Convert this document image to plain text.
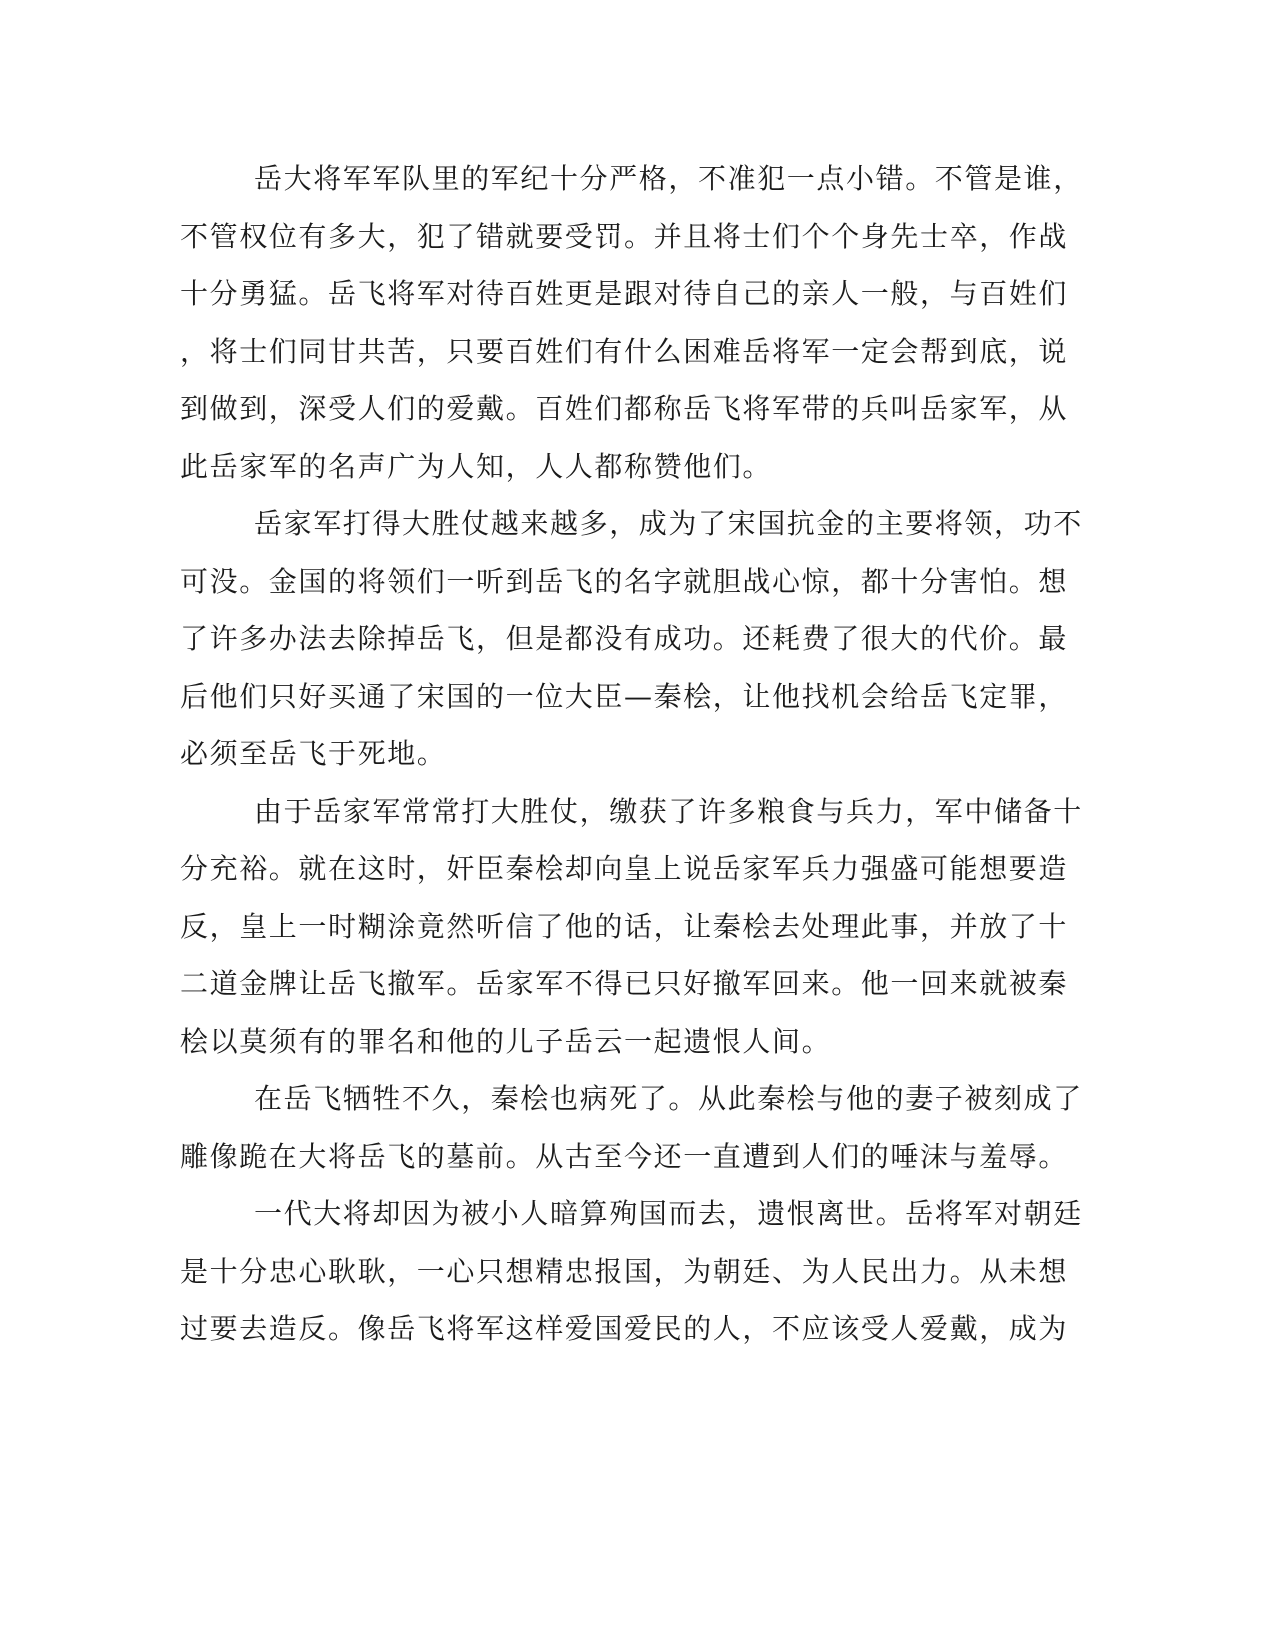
岳大将军军队里的军纪十分严格，不准犯一点小错。不管是谁，
不管权位有多大，犯了错就要受罚。并且将士们个个身先士卒，作战
十分勇猛。岳飞将军对待百姓更是跟对待自己的亲人一般，与百姓们
，将士们同甘共苦，只要百姓们有什么困难岳将军一定会帮到底，说
到做到，深受人们的爱戴。百姓们都称岳飞将军带的兵叫岳家军，从
此岳家军的名声广为人知，人人都称赞他们。
岳家军打得大胜仗越来越多，成为了宋国抗金的主要将领，功不
可没。金国的将领们一听到岳飞的名字就胆战心惊，都十分害怕。想
了许多办法去除掉岳飞，但是都没有成功。还耗费了很大的代价。最
后他们只好买通了宋国的一位大臣—秦桧，让他找机会给岳飞定罪，
必须至岳飞于死地。
由于岳家军常常打大胜仗，缴获了许多粮食与兵力，军中储备十
分充裕。就在这时，奸臣秦桧却向皇上说岳家军兵力强盛可能想要造
反，皇上一时糊涂竟然听信了他的话，让秦桧去处理此事，并放了十
二道金牌让岳飞撤军。岳家军不得已只好撤军回来。他一回来就被秦
桧以莫须有的罪名和他的儿子岳云一起遗恨人间。
在岳飞牺牲不久，秦桧也病死了。从此秦桧与他的妻子被刻成了
雕像跪在大将岳飞的墓前。从古至今还一直遭到人们的唾沫与羞辱。
一代大将却因为被小人暗算殉国而去，遗恨离世。岳将军对朝廷
是十分忠心耿耿，一心只想精忠报国，为朝廷、为人民出力。从未想
过要去造反。像岳飞将军这样爱国爱民的人，不应该受人爱戴，成为
